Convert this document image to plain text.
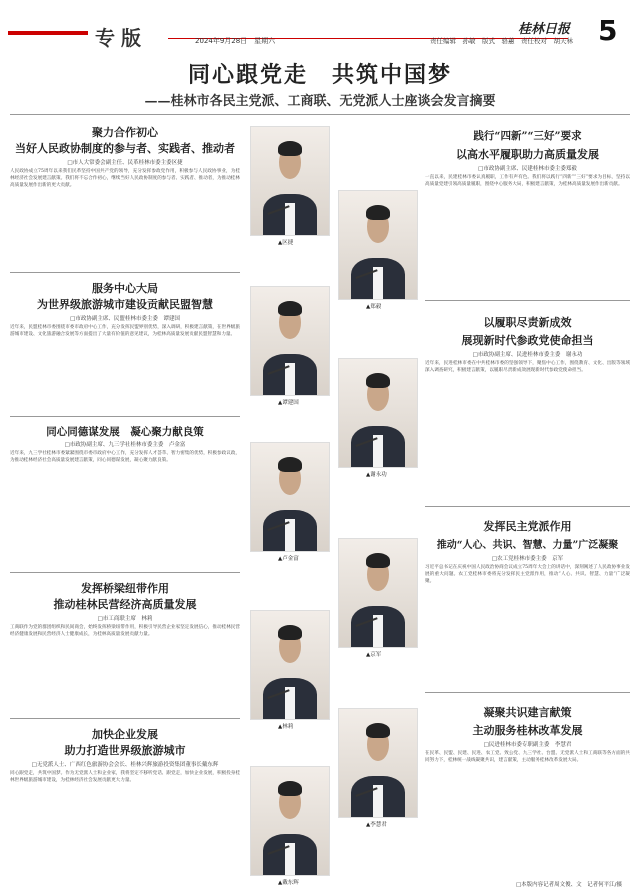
专版	2024年9月28日　星期六	责任编辑　孙敏　版式　骆蕙　责任校对　胡天林
桂林日报 5
同心跟党走　共筑中国梦
——桂林市各民主党派、工商联、无党派人士座谈会发言摘要
聚力合作初心
当好人民政协制度的参与者、实践者、推动者
□市人大常委会副主任、民革桂林市委主委区捷
人民政协成立75周年以来我们民革坚持中国共产党的领导，充分发挥参政党作用，积极参与人民政协事业，为桂林经济社会发展建言献策。我们将不忘合作初心，继续当好人民政协制度的参与者、实践者、推动者，为推动桂林高质量发展作出新的更大贡献。
服务中心大局
为世界级旅游城市建设贡献民盟智慧
□市政协副主席、民盟桂林市委主委　谭建国
近年来，民盟桂林市委围绕市委市政府中心工作，充分发挥民盟界别优势，深入调研，积极建言献策，在世界级旅游城市建设、文化旅游融合发展等方面提出了大量有价值的意见建议，为桂林高质量发展贡献民盟智慧和力量。
同心同德谋发展　凝心聚力献良策
□市政协副主席、九三学社桂林市委主委　卢金富
近年来，九三学社桂林市委紧紧围绕市委市政府中心工作，充分发挥人才荟萃、智力密集的优势，积极参政议政，为推动桂林经济社会高质量发展建言献策，同心同德谋发展，凝心聚力献良策。
发挥桥梁纽带作用
推动桂林民营经济高质量发展
□市工商联主席　林莉
工商联作为党的群团组织和民间商会，始终发挥桥梁纽带作用，积极引导民营企业家坚定发展信心，推动桂林民营经济健康发展和民营经济人士健康成长，为桂林高质量发展贡献力量。
加快企业发展
助力打造世界级旅游城市
□无党派人士、广西红色旅游协会会长、桂林兴辉旅游投资集团董事长戴东辉
同心跟党走，共筑中国梦。作为无党派人士和企业家，我将坚定不移听党话、跟党走，加快企业发展，积极投身桂林世界级旅游城市建设，为桂林经济社会发展贡献更大力量。
▲区捷
▲谭建国
▲卢金富
▲林莉
▲戴东辉
▲郑毅
▲谢永功
▲京军
▲李慧君
践行“四新”“三好”要求
以高水平履职助力高质量发展
□市政协副主席、民建桂林市委主委郑毅
一直以来，民建桂林市委认真履职，工作有声有色。我们将以践行“四新”“三好”要求为目标，坚持以高质量党建引领高质量履职，围绕中心服务大局，积极建言献策，为桂林高质量发展作出新贡献。
以履职尽责新成效
展现新时代参政党使命担当
□市政协副主席、民进桂林市委主委　谢永功
近年来，民进桂林市委在中共桂林市委的坚强领导下，聚焦中心工作，围绕教育、文化、出版等领域深入调查研究，积极建言献策，以履职尽责新成效展现新时代参政党使命担当。
发挥民主党派作用
推动“人心、共识、智慧、力量”广泛凝聚
□农工党桂林市委主委　京军
习近平总书记在庆祝中国人民政治协商会议成立75周年大会上的讲话中，深刻阐述了人民政协事业发展的重大问题。农工党桂林市委将充分发挥民主党派作用，推动“人心、共识、智慧、力量”广泛凝聚。
凝聚共识建言献策
主动服务桂林改革发展
□民进桂林市委专职副主委　李慧君
在民革、民盟、民建、民进、农工党、致公党、九三学社、台盟、无党派人士和工商联等各方面的共同努力下，桂林统一战线凝聚共识，建言献策，主动服务桂林改革发展大局。
□本版内容记者周文俊、文　记者何平江/摄
